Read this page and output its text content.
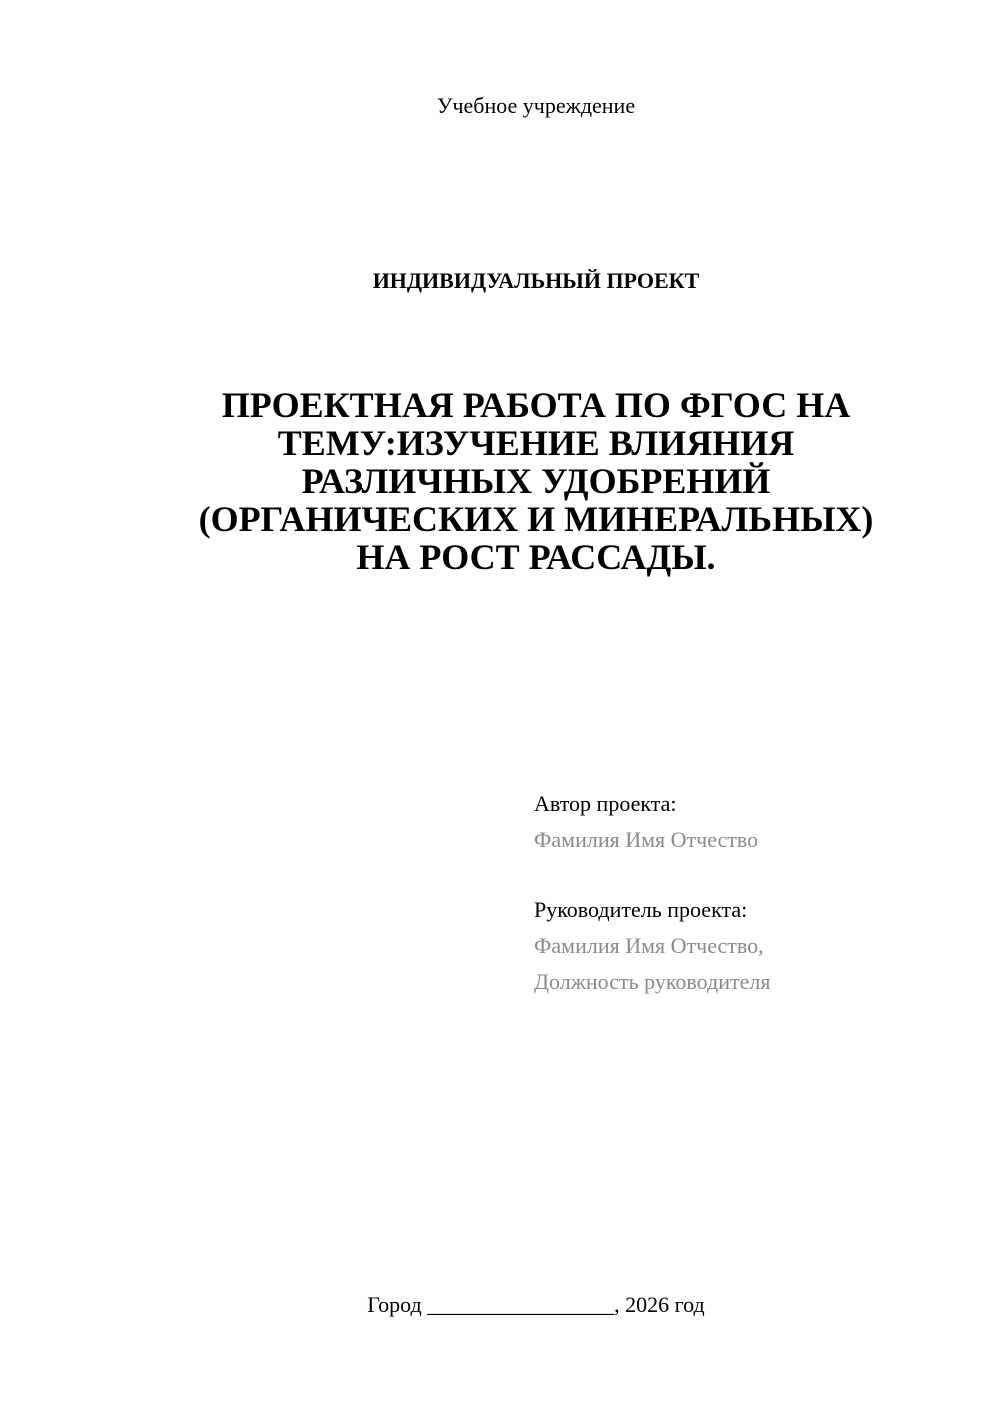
Учебное учреждение
ИНДИВИДУАЛЬНЫЙ ПРОЕКТ
ПРОЕКТНАЯ РАБОТА ПО ФГОС НА
ТЕМУ:ИЗУЧЕНИЕ ВЛИЯНИЯ
РАЗЛИЧНЫХ УДОБРЕНИЙ
(ОРГАНИЧЕСКИХ И МИНЕРАЛЬНЫХ)
НА РОСТ РАССАДЫ.
Автор проекта:
Фамилия Имя Отчество
Руководитель проекта:
Фамилия Имя Отчество,
Должность руководителя
Город _________________, 2026 год
